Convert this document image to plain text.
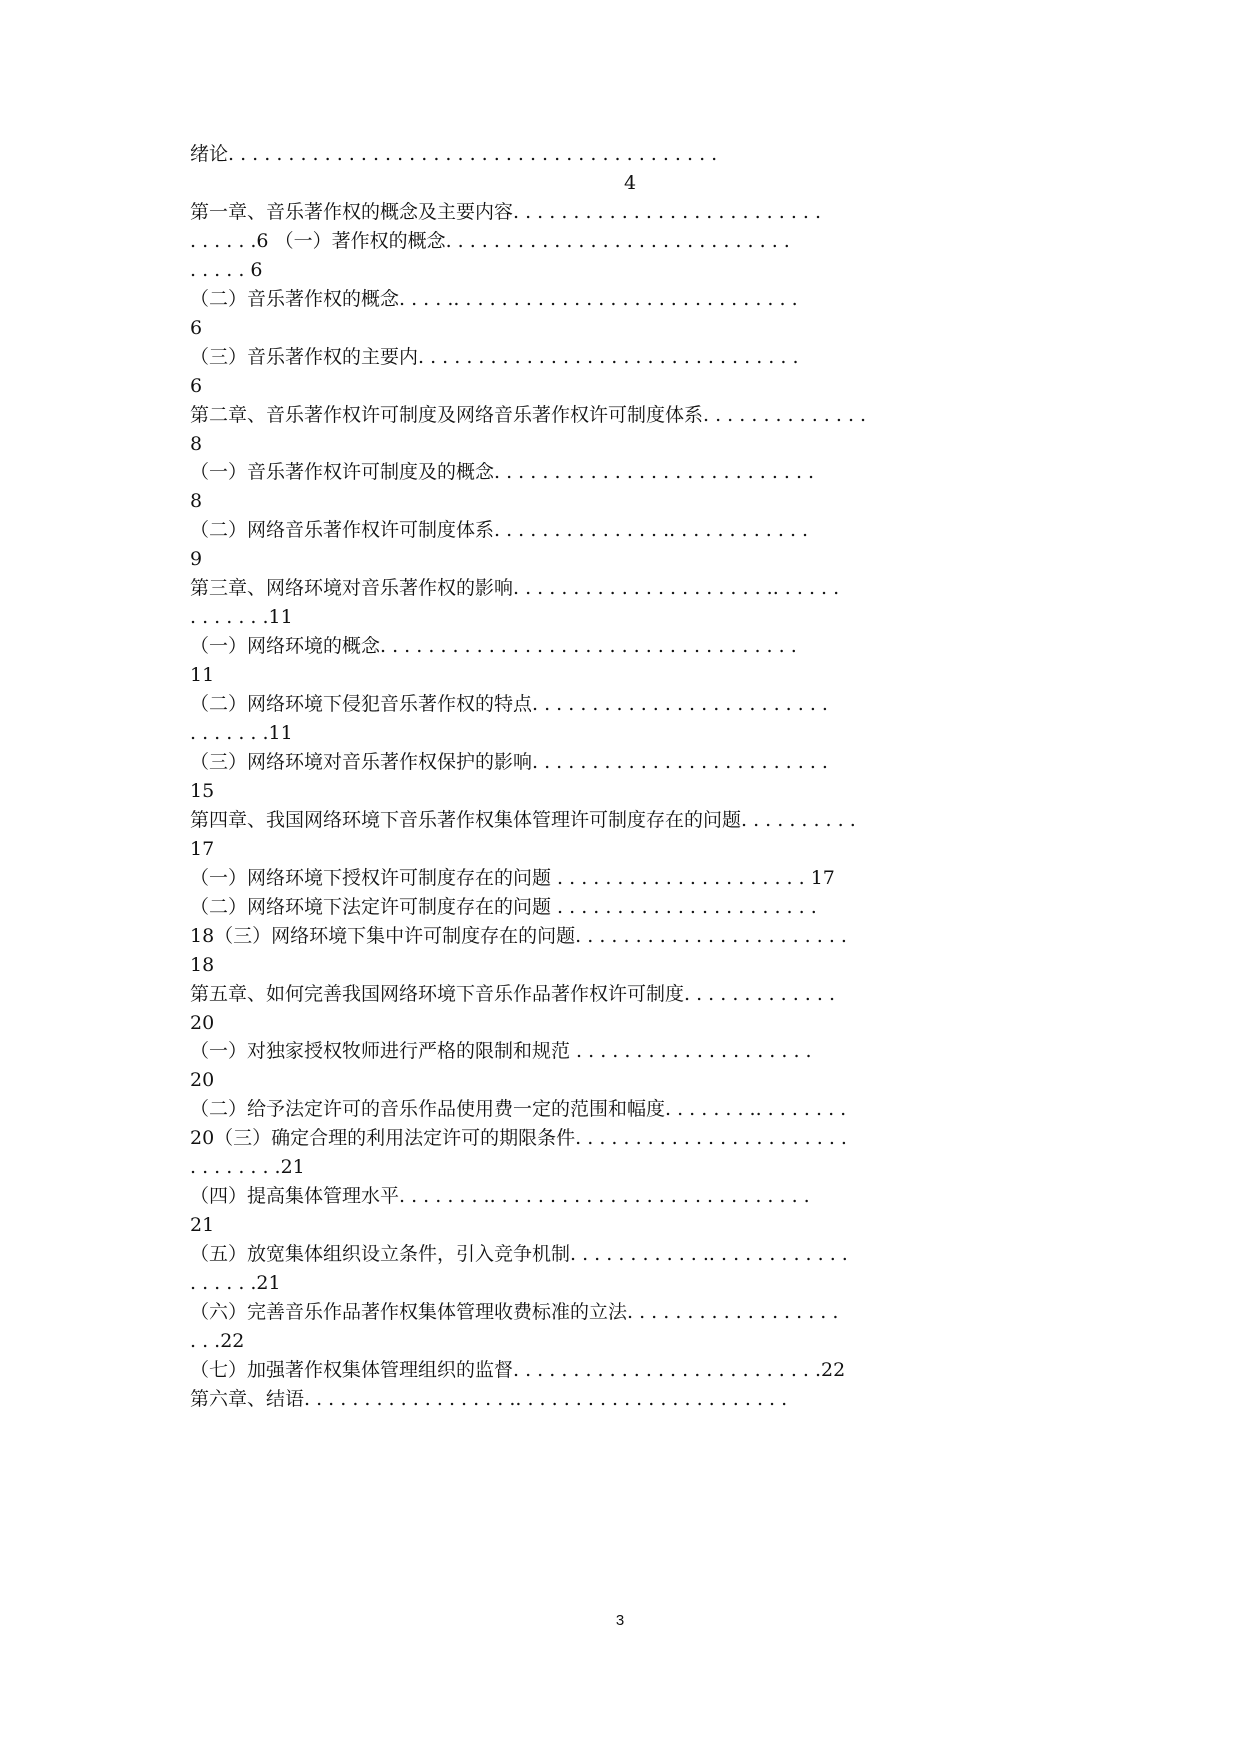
绪论. . . . . . . . . . . . . . . . . . . . . . . . . . . . . . . . . . . . . . . . .
4
第一章、音乐著作权的概念及主要内容. . . . . . . . . . . . . . . . . . . . . . . . . .
. . . . . .6 （一）著作权的概念. . . . . . . . . . . . . . . . . . . . . . . . . . . . .
. . . . . 6
（二）音乐著作权的概念. . . . .. . . . . . . . . . . . . . . . . . . . . . . . . . . . .
6
（三）音乐著作权的主要内. . . . . . . . . . . . . . . . . . . . . . . . . . . . . . . .
6
第二章、音乐著作权许可制度及网络音乐著作权许可制度体系. . . . . . . . . . . . . .
8
（一）音乐著作权许可制度及的概念. . . . . . . . . . . . . . . . . . . . . . . . . . .
8
（二）网络音乐著作权许可制度体系. . . . . . . . . . . . . . .. . . . . . . . . . . .
9
第三章、网络环境对音乐著作权的影响. . . . . . . . . . . . . . . . . . . . . .. . . . . .
. . . . . . .11
（一）网络环境的概念. . . . . . . . . . . . . . . . . . . . . . . . . . . . . . . . . . .
11
（二）网络环境下侵犯音乐著作权的特点. . . . . . . . . . . . . . . . . . . . . . . . .
. . . . . . .11
（三）网络环境对音乐著作权保护的影响. . . . . . . . . . . . . . . . . . . . . . . . .
15
第四章、我国网络环境下音乐著作权集体管理许可制度存在的问题. . . . . . . . . .
17
（一）网络环境下授权许可制度存在的问题 . . . . . . . . . . . . . . . . . . . . . 17
（二）网络环境下法定许可制度存在的问题 . . . . . . . . . . . . . . . . . . . . . .
18（三）网络环境下集中许可制度存在的问题. . . . . . . . . . . . . . . . . . . . . . .
18
第五章、如何完善我国网络环境下音乐作品著作权许可制度. . . . . . . . . . . . .
20
（一）对独家授权牧师进行严格的限制和规范 . . . . . . . . . . . . . . . . . . . .
20
（二）给予法定许可的音乐作品使用费一定的范围和幅度. . . . . . . .. . . . . . . .
20（三）确定合理的利用法定许可的期限条件. . . . . . . . . . . . . . . . . . . . . . .
. . . . . . . .21
（四）提高集体管理水平. . . . . . . .. . . . . . . . . . . . . . . . . . . . . . . . . . .
21
（五）放宽集体组织设立条件，引入竞争机制. . . . . . . . . . . .. . . . . . . . . . . .
. . . . . .21
（六）完善音乐作品著作权集体管理收费标准的立法. . . . . . . . . . . . . . . . . .
. . .22
（七）加强著作权集体管理组织的监督. . . . . . . . . . . . . . . . . . . . . . . . . .22
第六章、结语. . . . . . . . . . . . . . . . . .. . . . . . . . . . . . . . . . . . . . . . .
3
